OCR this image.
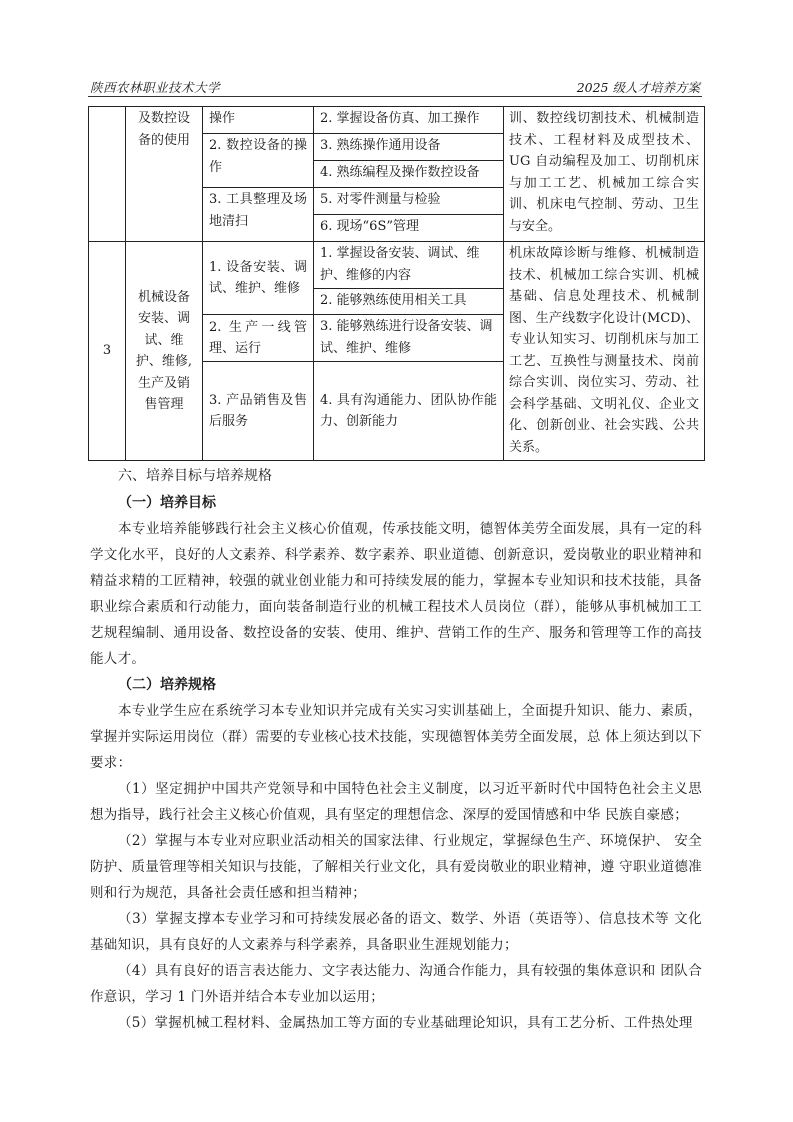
陕西农林职业技术大学	2025 级人才培养方案
	及数控设备的使用	操作	2. 掌握设备仿真、加工操作	训、数控线切割技术、机械制造技术、工程材料及成型技术、UG 自动编程及加工、切削机床与加工工艺、机械加工综合实训、机床电气控制、劳动、卫生与安全。
		2. 数控设备的操作	3. 熟练操作通用设备	
			4. 熟练编程及操作数控设备	
		3. 工具整理及场地清扫	5. 对零件测量与检验	
			6. 现场“6S”管理	
3	机械设备安装、调试、维护、维修,生产及销售管理	1. 设备安装、调试、维护、维修	1. 掌握设备安装、调试、维护、维修的内容	机床故障诊断与维修、机械制造技术、机械加工综合实训、机械基础、信息处理技术、机械制图、生产线数字化设计(MCD)、专业认知实习、切削机床与加工工艺、互换性与测量技术、岗前综合实训、岗位实习、劳动、社会科学基础、文明礼仪、企业文化、创新创业、社会实践、公共关系。
			2. 能够熟练使用相关工具	
		2. 生产一线管理、运行	3. 能够熟练进行设备安装、调试、维护、维修	
		3. 产品销售及售后服务	4. 具有沟通能力、团队协作能力、创新能力	
六、培养目标与培养规格
（一）培养目标

本专业培养能够践行社会主义核心价值观，传承技能文明，德智体美劳全面发展，具有一定的科学文化水平，良好的人文素养、科学素养、数字素养、职业道德、创新意识，爱岗敬业的职业精神和精益求精的工匠精神，较强的就业创业能力和可持续发展的能力，掌握本专业知识和技术技能，具备职业综合素质和行动能力，面向装备制造行业的机械工程技术人员岗位（群），能够从事机械加工工艺规程编制、通用设备、数控设备的安装、使用、维护、营销工作的生产、服务和管理等工作的高技能人才。

（二）培养规格

本专业学生应在系统学习本专业知识并完成有关实习实训基础上，全面提升知识、能力、素质，掌握并实际运用岗位（群）需要的专业核心技术技能，实现德智体美劳全面发展，总 体上须达到以下要求：

（1）坚定拥护中国共产党领导和中国特色社会主义制度，以习近平新时代中国特色社会主义思想为指导，践行社会主义核心价值观，具有坚定的理想信念、深厚的爱国情感和中华 民族自豪感；

（2）掌握与本专业对应职业活动相关的国家法律、行业规定，掌握绿色生产、环境保护、 安全防护、质量管理等相关知识与技能，了解相关行业文化，具有爱岗敬业的职业精神，遵 守职业道德准则和行为规范，具备社会责任感和担当精神；

（3）掌握支撑本专业学习和可持续发展必备的语文、数学、外语（英语等）、信息技术等 文化基础知识，具有良好的人文素养与科学素养，具备职业生涯规划能力；

（4）具有良好的语言表达能力、文字表达能力、沟通合作能力，具有较强的集体意识和 团队合作意识，学习 1 门外语并结合本专业加以运用；

（5）掌握机械工程材料、金属热加工等方面的专业基础理论知识，具有工艺分析、工件热处理
